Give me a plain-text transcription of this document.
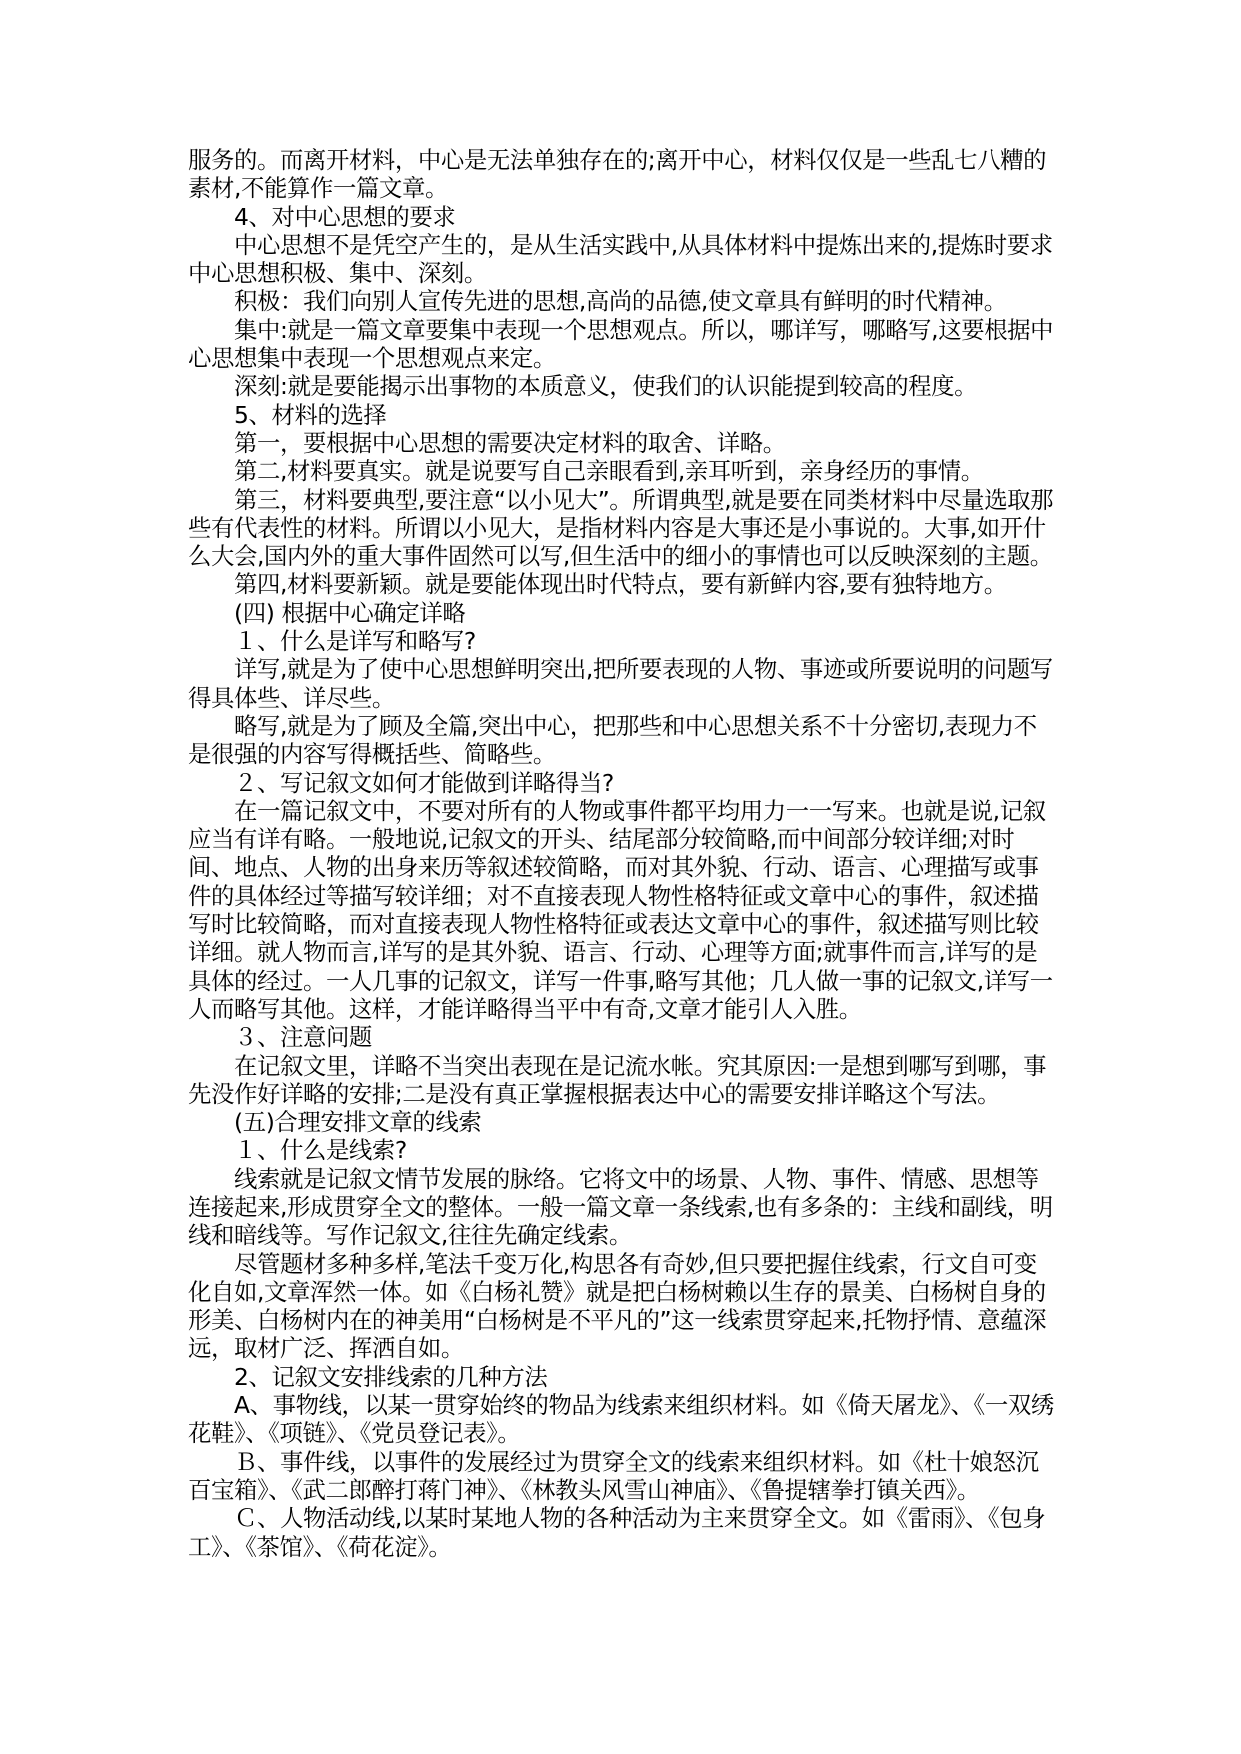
服务的。而离开材料，中心是无法单独存在的;离开中心，材料仅仅是一些乱七八糟的素材,不能算作一篇文章。

　　4、对中心思想的要求

　　中心思想不是凭空产生的，是从生活实践中,从具体材料中提炼出来的,提炼时要求中心思想积极、集中、深刻。

　　积极：我们向别人宣传先进的思想,高尚的品德,使文章具有鲜明的时代精神。

　　集中:就是一篇文章要集中表现一个思想观点。所以，哪详写，哪略写,这要根据中心思想集中表现一个思想观点来定。

　　深刻:就是要能揭示出事物的本质意义，使我们的认识能提到较高的程度。

　　5、材料的选择

　　第一，要根据中心思想的需要决定材料的取舍、详略。

　　第二,材料要真实。就是说要写自己亲眼看到,亲耳听到，亲身经历的事情。

　　第三，材料要典型,要注意“以小见大”。所谓典型,就是要在同类材料中尽量选取那些有代表性的材料。所谓以小见大，是指材料内容是大事还是小事说的。大事,如开什么大会,国内外的重大事件固然可以写,但生活中的细小的事情也可以反映深刻的主题。

　　第四,材料要新颖。就是要能体现出时代特点，要有新鲜内容,要有独特地方。

　　(四) 根据中心确定详略

　　１、什么是详写和略写?

　　详写,就是为了使中心思想鲜明突出,把所要表现的人物、事迹或所要说明的问题写得具体些、详尽些。

　　略写,就是为了顾及全篇,突出中心，把那些和中心思想关系不十分密切,表现力不是很强的内容写得概括些、简略些。

　　２、写记叙文如何才能做到详略得当?

　　在一篇记叙文中，不要对所有的人物或事件都平均用力一一写来。也就是说,记叙应当有详有略。一般地说,记叙文的开头、结尾部分较简略,而中间部分较详细;对时间、地点、人物的出身来历等叙述较简略，而对其外貌、行动、语言、心理描写或事件的具体经过等描写较详细；对不直接表现人物性格特征或文章中心的事件，叙述描写时比较简略，而对直接表现人物性格特征或表达文章中心的事件，叙述描写则比较详细。就人物而言,详写的是其外貌、语言、行动、心理等方面;就事件而言,详写的是具体的经过。一人几事的记叙文，详写一件事,略写其他；几人做一事的记叙文,详写一人而略写其他。这样，才能详略得当平中有奇,文章才能引人入胜。

　　３、注意问题

　　在记叙文里，详略不当突出表现在是记流水帐。究其原因:一是想到哪写到哪，事先没作好详略的安排;二是没有真正掌握根据表达中心的需要安排详略这个写法。

　　(五)合理安排文章的线索

　　１、什么是线索?

　　线索就是记叙文情节发展的脉络。它将文中的场景、人物、事件、情感、思想等连接起来,形成贯穿全文的整体。一般一篇文章一条线索,也有多条的：主线和副线，明线和暗线等。写作记叙文,往往先确定线索。

　　尽管题材多种多样,笔法千变万化,构思各有奇妙,但只要把握住线索，行文自可变化自如,文章浑然一体。如《白杨礼赞》就是把白杨树赖以生存的景美、白杨树自身的形美、白杨树内在的神美用“白杨树是不平凡的”这一线索贯穿起来,托物抒情、意蕴深远，取材广泛、挥洒自如。

　　2、记叙文安排线索的几种方法

　　A、事物线，以某一贯穿始终的物品为线索来组织材料。如《倚天屠龙》、《一双绣花鞋》、《项链》、《党员登记表》。

　　Ｂ、事件线，以事件的发展经过为贯穿全文的线索来组织材料。如《杜十娘怒沉百宝箱》、《武二郎醉打蒋门神》、《林教头风雪山神庙》、《鲁提辖拳打镇关西》。

　　Ｃ、人物活动线,以某时某地人物的各种活动为主来贯穿全文。如《雷雨》、《包身工》、《茶馆》、《荷花淀》。
